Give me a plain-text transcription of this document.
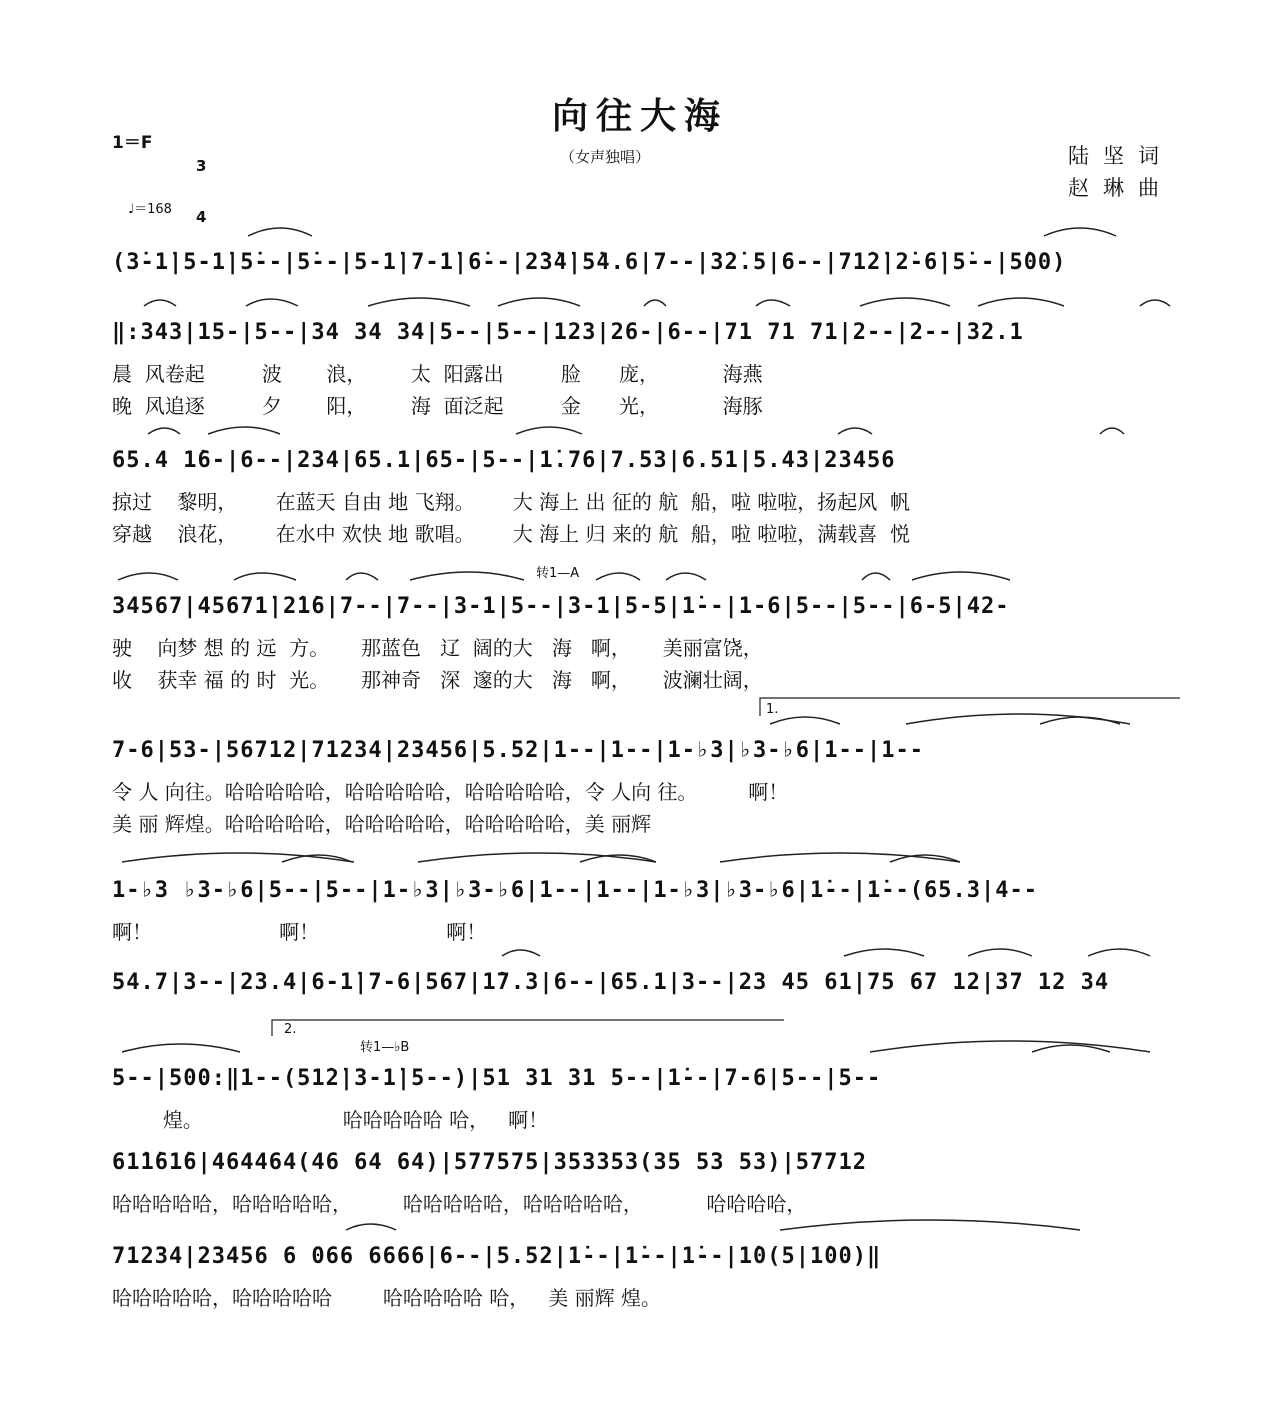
向往大海
（女声独唱）
1＝F

3

4

♩＝168
陆坚词
赵琳曲
转1—A
1.
2.
转1—♭B
(3̇-1̇|5-1̇|5̇--|5̇--|5-1̇|7-1̇|6̇--|2̇3̇4̇|5̇4.6|7--|3̇2̇.5|6--|71̇2̇|2̇-6̇|5̇--|5̇00)
‖:343|15-|5--|34 34 34|5--|5--|123|26-|6--|71 71 71|2--|2--|32.1
晨  风卷起         波       浪，       太  阳露出         脸      庞，          海燕
晚  风追逐         夕       阳，       海  面泛起         金      光，          海豚
65.4 1̇6-|6--|234|65.1|65-|5--|1̇.76|7.53|6.51|5.43|23456
掠过    黎明，      在蓝天 自由 地 飞翔。      大 海上 出 征的 航  船，啦 啦啦，扬起风  帆
穿越    浪花，      在水中 欢快 地 歌唱。      大 海上 归 来的 航  船，啦 啦啦，满载喜  悦
34567|45671̇|2̇1̇6|7--|7--|3-1|5--|3-1|5-5|1̇--|1-6|5--|5--|6-5|42-
驶    向梦 想 的 远  方。     那蓝色   辽  阔的大   海   啊，     美丽富饶，
收    获幸 福 的 时  光。     那神奇   深  邃的大   海   啊，     波澜壮阔，
7-6|53-|56712|71234|23456|5.52|1--|1--|1-♭3|♭3-♭6|1--|1--
令 人 向往。哈哈哈哈哈，哈哈哈哈哈，哈哈哈哈哈，令 人向 往。        啊！
美 丽 辉煌。哈哈哈哈哈，哈哈哈哈哈，哈哈哈哈哈，美 丽辉
1-♭3 ♭3-♭6|5--|5--|1-♭3|♭3-♭6|1--|1--|1-♭3|♭3-♭6|1̇--|1̇--(65.3|4--
啊！                    啊！                    啊！
54.7|3--|23.4|6-1̇|7-6|567|1̇7.3|6--|65.1|3--|23 45 61|75 67 12|37 12 34
5--|500:‖1--(51̇2̇|3-1̇|5--)|51 31 31 5--|1̇--|7-6|5--|5--
煌。                      哈哈哈哈哈 哈，   啊！
61̇1̇61̇6|464464(46 64 64)|577575|353353(35 53 53)|57712
哈哈哈哈哈，哈哈哈哈哈，        哈哈哈哈哈，哈哈哈哈哈，          哈哈哈哈，
71234|23456 6 066 6666|6--|5.52|1̇--|1̇--|1̇--|1̇0(5|1̇00)‖
哈哈哈哈哈，哈哈哈哈哈        哈哈哈哈哈 哈，   美 丽辉 煌。
